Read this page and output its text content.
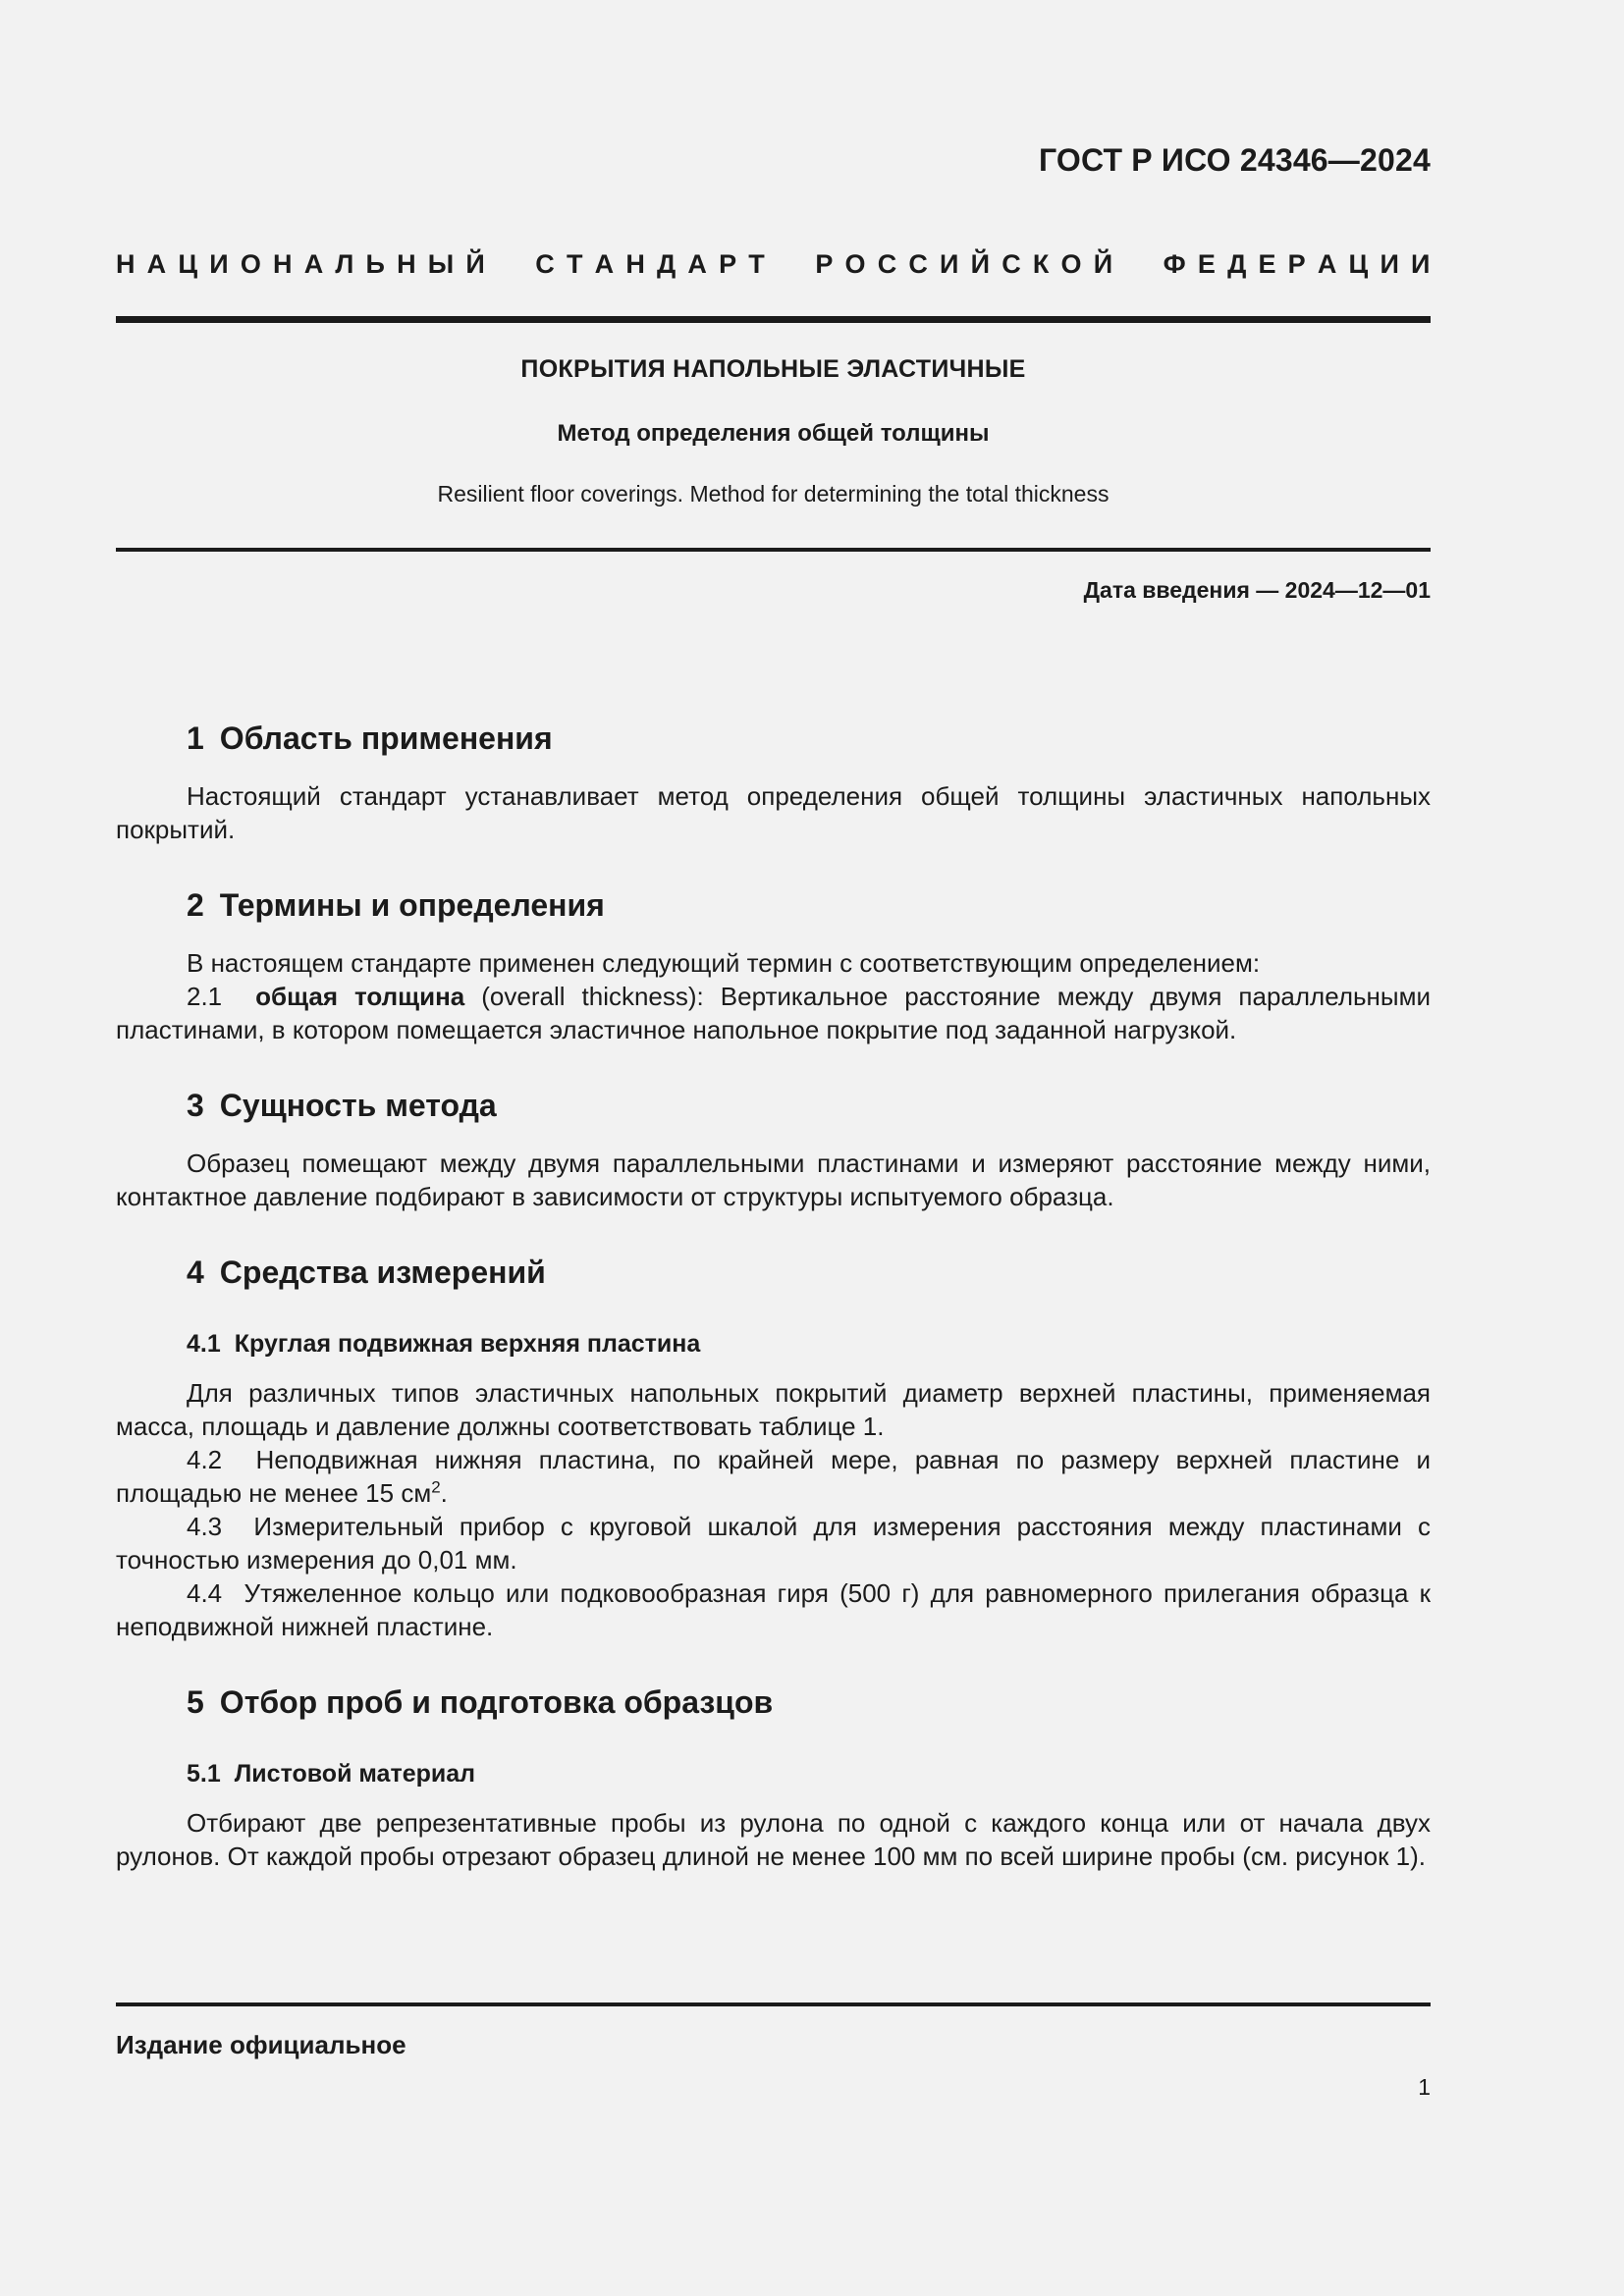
ГОСТ Р ИСО 24346—2024
Н А Ц И О Н А Л Ь Н Ы Й

С Т А Н Д А Р Т

Р О С С И Й С К О Й

Ф Е Д Е Р А Ц И И
ПОКРЫТИЯ НАПОЛЬНЫЕ ЭЛАСТИЧНЫЕ
Метод определения общей толщины
Resilient floor coverings. Method for determining the total thickness
Дата введения — 2024—12—01
1 Область применения

Настоящий стандарт устанавливает метод определения общей толщины эластичных напольных покрытий.

2 Термины и определения

В настоящем стандарте применен следующий термин с соответствующим определением:

2.1 общая толщина (overall thickness): Вертикальное расстояние между двумя параллельными пластинами, в котором помещается эластичное напольное покрытие под заданной нагрузкой.

3 Сущность метода

Образец помещают между двумя параллельными пластинами и измеряют расстояние между ними, контактное давление подбирают в зависимости от структуры испытуемого образца.

4 Средства измерений
4.1 Круглая подвижная верхняя пластина

Для различных типов эластичных напольных покрытий диаметр верхней пластины, применяемая масса, площадь и давление должны соответствовать таблице 1.

4.2 Неподвижная нижняя пластина, по крайней мере, равная по размеру верхней пластине и площадью не менее 15 $см^2$.

4.3 Измерительный прибор с круговой шкалой для измерения расстояния между пластинами с точностью измерения до 0,01 мм.

4.4 Утяжеленное кольцо или подковообразная гиря (500 г) для равномерного прилегания образца к неподвижной нижней пластине.

5 Отбор проб и подготовка образцов
5.1 Листовой материал

Отбирают две репрезентативные пробы из рулона по одной с каждого конца или от начала двух рулонов. От каждой пробы отрезают образец длиной не менее 100 мм по всей ширине пробы (см. рисунок 1).

Издание официальное
1
